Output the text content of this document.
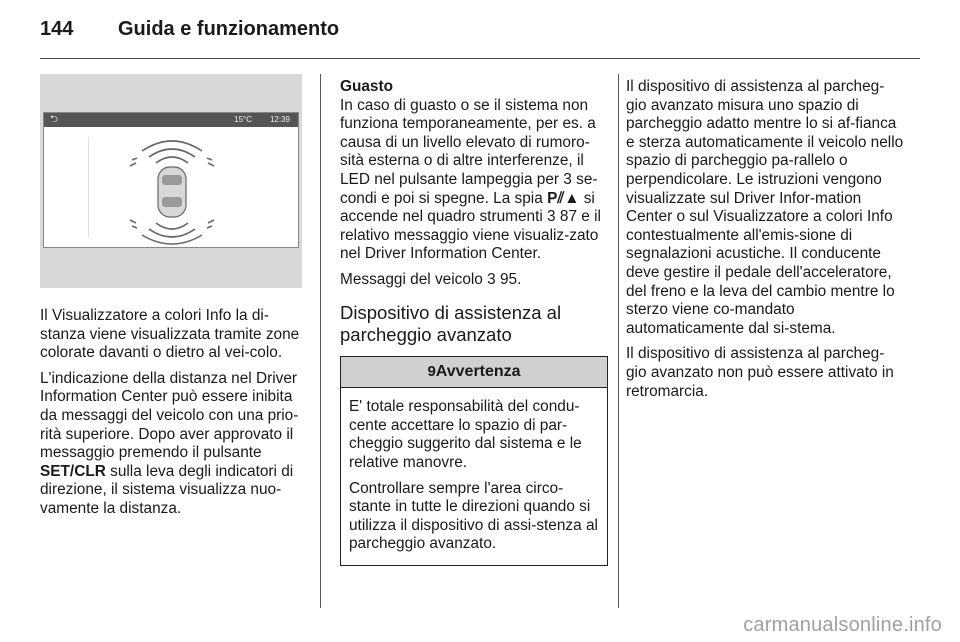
144 Guida e funzionamento
⮌	15°C 12:39

Il Visualizzatore a colori Info la di-stanza viene visualizzata tramite zone colorate davanti o dietro al vei-colo.

L'indicazione della distanza nel Driver Information Center può essere inibita da messaggi del veicolo con una prio-rità superiore. Dopo aver approvato il messaggio premendo il pulsante SET/CLR sulla leva degli indicatori di direzione, il sistema visualizza nuo-vamente la distanza.

Guasto

In caso di guasto o se il sistema non funziona temporaneamente, per es. a causa di un livello elevato di rumoro-sità esterna o di altre interferenze, il LED nel pulsante lampeggia per 3 se-condi e poi si spegne. La spia P⫽▲ si accende nel quadro strumenti 3 87 e il relativo messaggio viene visualiz-zato nel Driver Information Center.

Messaggi del veicolo 3 95.

Dispositivo di assistenza al parcheggio avanzato
9Avvertenza

E' totale responsabilità del condu-cente accettare lo spazio di par-cheggio suggerito dal sistema e le relative manovre.

Controllare sempre l'area circo-stante in tutte le direzioni quando si utilizza il dispositivo di assi-stenza al parcheggio avanzato.

Il dispositivo di assistenza al parcheg-gio avanzato misura uno spazio di parcheggio adatto mentre lo si af-fianca e sterza automaticamente il veicolo nello spazio di parcheggio pa-rallelo o perpendicolare. Le istruzioni vengono visualizzate sul Driver Infor-mation Center o sul Visualizzatore a colori Info contestualmente all'emis-sione di segnalazioni acustiche. Il conducente deve gestire il pedale dell'acceleratore, del freno e la leva del cambio mentre lo sterzo viene co-mandato automaticamente dal si-stema.

Il dispositivo di assistenza al parcheg-gio avanzato non può essere attivato in retromarcia.

carmanualsonline.info
